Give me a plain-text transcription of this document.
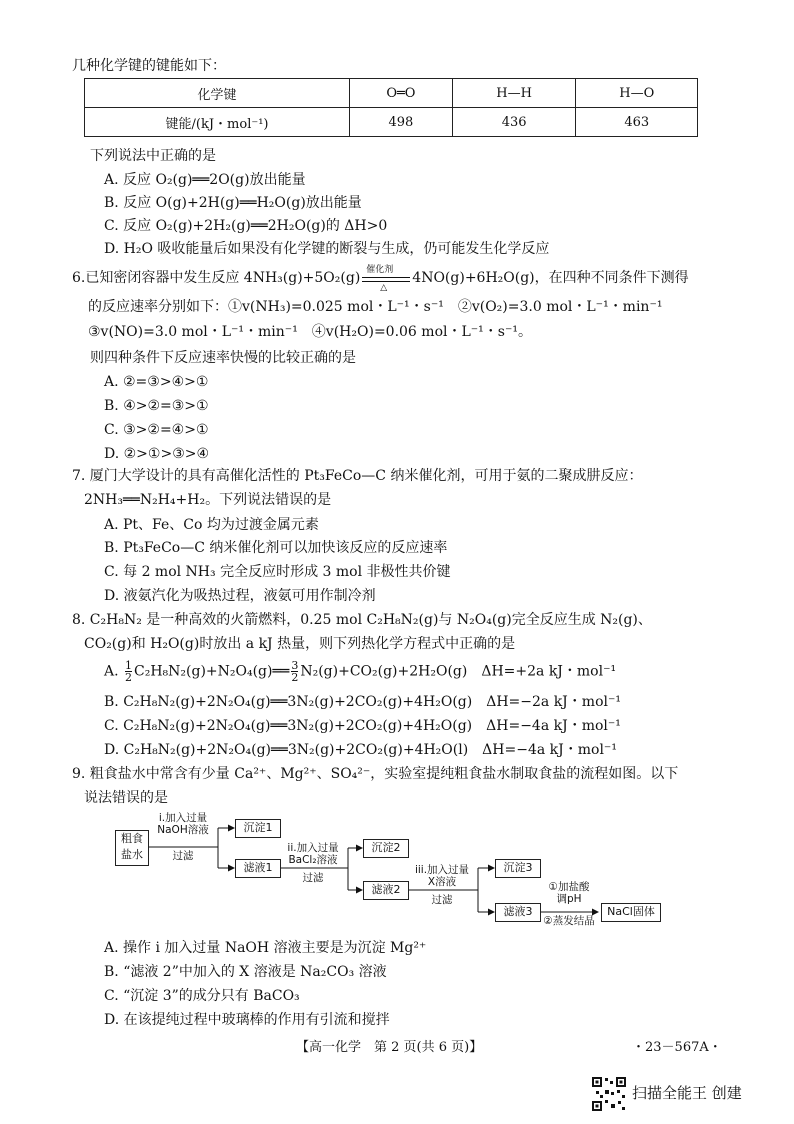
几种化学键的键能如下：
化学键	O═O	H—H	H—O
键能/(kJ・mol⁻¹)	498	436	463
下列说法中正确的是
A. 反应 O₂(g)══2O(g)放出能量
B. 反应 O(g)+2H(g)══H₂O(g)放出能量
C. 反应 O₂(g)+2H₂(g)══2H₂O(g)的 ΔH>0
D. H₂O 吸收能量后如果没有化学键的断裂与生成，仍可能发生化学反应
6.已知密闭容器中发生反应 4NH₃(g)+5O₂(g) 催化剂
△
4NO(g)+6H₂O(g)，在四种不同条件下测得
的反应速率分别如下：①v(NH₃)=0.025 mol・L⁻¹・s⁻¹　②v(O₂)=3.0 mol・L⁻¹・min⁻¹
③v(NO)=3.0 mol・L⁻¹・min⁻¹　④v(H₂O)=0.06 mol・L⁻¹・s⁻¹。
则四种条件下反应速率快慢的比较正确的是
A. ②=③>④>①
B. ④>②=③>①
C. ③>②=④>①
D. ②>①>③>④
7. 厦门大学设计的具有高催化活性的 Pt₃FeCo—C 纳米催化剂，可用于氨的二聚成肼反应：
2NH₃══N₂H₄+H₂。下列说法错误的是
A. Pt、Fe、Co 均为过渡金属元素
B. Pt₃FeCo—C 纳米催化剂可以加快该反应的反应速率
C. 每 2 mol NH₃ 完全反应时形成 3 mol 非极性共价键
D. 液氨汽化为吸热过程，液氨可用作制冷剂
8. C₂H₈N₂ 是一种高效的火箭燃料，0.25 mol C₂H₈N₂(g)与 N₂O₄(g)完全反应生成 N₂(g)、
CO₂(g)和 H₂O(g)时放出 a kJ 热量，则下列热化学方程式中正确的是
A. $\frac{1}{2}$ C₂H₈N₂(g)+N₂O₄(g)══ $\frac{3}{2} N_2(g)+CO_2(g)+2H_2O(g)$　ΔH=+2a kJ・mol⁻¹
B. C₂H₈N₂(g)+2N₂O₄(g)══3N₂(g)+2CO₂(g)+4H₂O(g)　ΔH=−2a kJ・mol⁻¹
C. C₂H₈N₂(g)+2N₂O₄(g)══3N₂(g)+2CO₂(g)+4H₂O(g)　ΔH=−4a kJ・mol⁻¹
D. C₂H₈N₂(g)+2N₂O₄(g)══3N₂(g)+2CO₂(g)+4H₂O(l)　ΔH=−4a kJ・mol⁻¹
9. 粗食盐水中常含有少量 Ca²⁺、Mg²⁺、SO₄²⁻，实验室提纯粗食盐水制取食盐的流程如图。以下
说法错误的是
粗食
盐水
i.加入过量
NaOH溶液
过滤
沉淀1
滤液1
ii.加入过量
BaCl₂溶液
过滤
沉淀2
滤液2
iii.加入过量
X溶液
过滤
沉淀3
滤液3
①加盐酸
调pH
②蒸发结晶
NaCl固体
A. 操作 i 加入过量 NaOH 溶液主要是为沉淀 Mg²⁺
B. “滤液 2”中加入的 X 溶液是 Na₂CO₃ 溶液
C. “沉淀 3”的成分只有 BaCO₃
D. 在该提纯过程中玻璃棒的作用有引流和搅拌
【高一化学　第 2 页(共 6 页)】	・23－567A・
扫描全能王 创建
